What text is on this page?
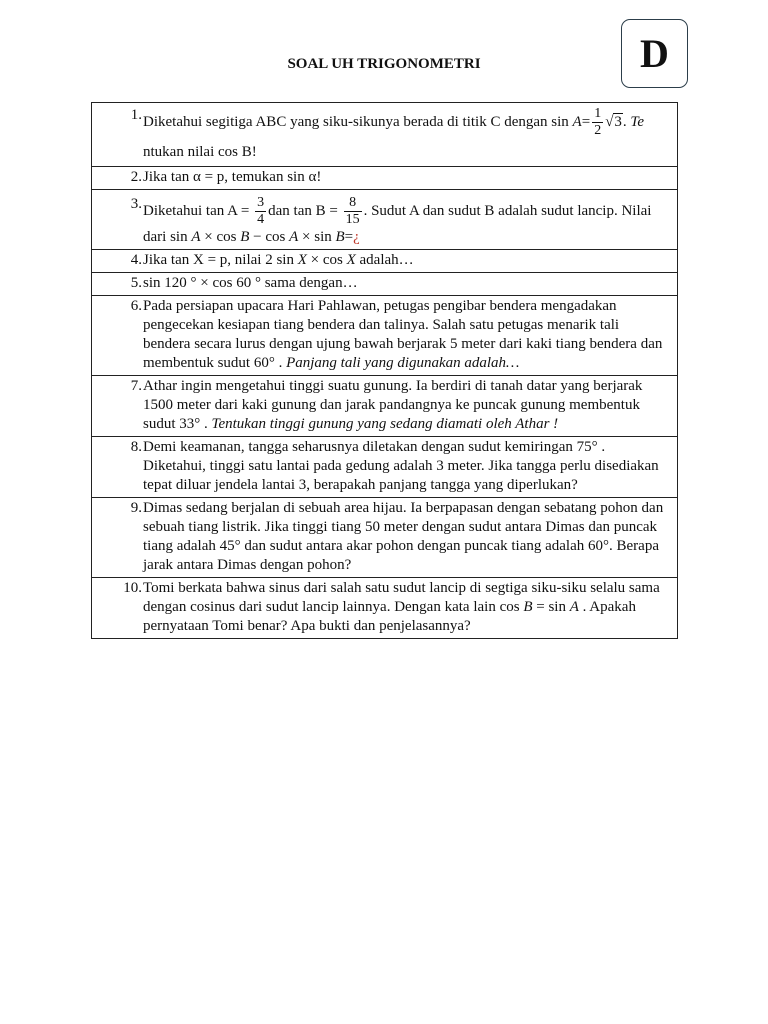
SOAL UH TRIGONOMETRI	D
1. Diketahui segitiga ABC yang siku-sikunya berada di titik C dengan $\sin A= \frac{1}{2} √3$. Te
ntukan nilai cos B!

2. Jika tan α = p, temukan sin α!

3. Diketahui $\tan A = \frac{3}{4}$ dan $\tan B = \frac{8}{15}$ . Sudut A dan sudut B adalah sudut lancip. Nilai
dari sin A × cos B − cos A × sin B=¿

4. Jika tan X = p, nilai 2 sin X × cos X adalah…

5. sin 120 ° × cos 60 ° sama dengan…

6. Pada persiapan upacara Hari Pahlawan, petugas pengibar bendera mengadakan pengecekan kesiapan tiang bendera dan talinya. Salah satu petugas menarik tali bendera secara lurus dengan ujung bawah berjarak 5 meter dari kaki tiang bendera dan membentuk sudut 60° . Panjang tali yang digunakan adalah…

7. Athar ingin mengetahui tinggi suatu gunung. Ia berdiri di tanah datar yang berjarak 1500 meter dari kaki gunung dan jarak pandangnya ke puncak gunung membentuk sudut 33° . Tentukan tinggi gunung yang sedang diamati oleh Athar !

8. Demi keamanan, tangga seharusnya diletakan dengan sudut kemiringan 75° . Diketahui, tinggi satu lantai pada gedung adalah 3 meter. Jika tangga perlu disediakan tepat diluar jendela lantai 3, berapakah panjang tangga yang diperlukan?

9. Dimas sedang berjalan di sebuah area hijau. Ia berpapasan dengan sebatang pohon dan sebuah tiang listrik. Jika tinggi tiang 50 meter dengan sudut antara Dimas dan puncak tiang adalah 45° dan sudut antara akar pohon dengan puncak tiang adalah 60°. Berapa jarak antara Dimas dengan pohon?

10. Tomi berkata bahwa sinus dari salah satu sudut lancip di segtiga siku-siku selalu sama dengan cosinus dari sudut lancip lainnya. Dengan kata lain cos B = sin A . Apakah pernyataan Tomi benar? Apa bukti dan penjelasannya?
